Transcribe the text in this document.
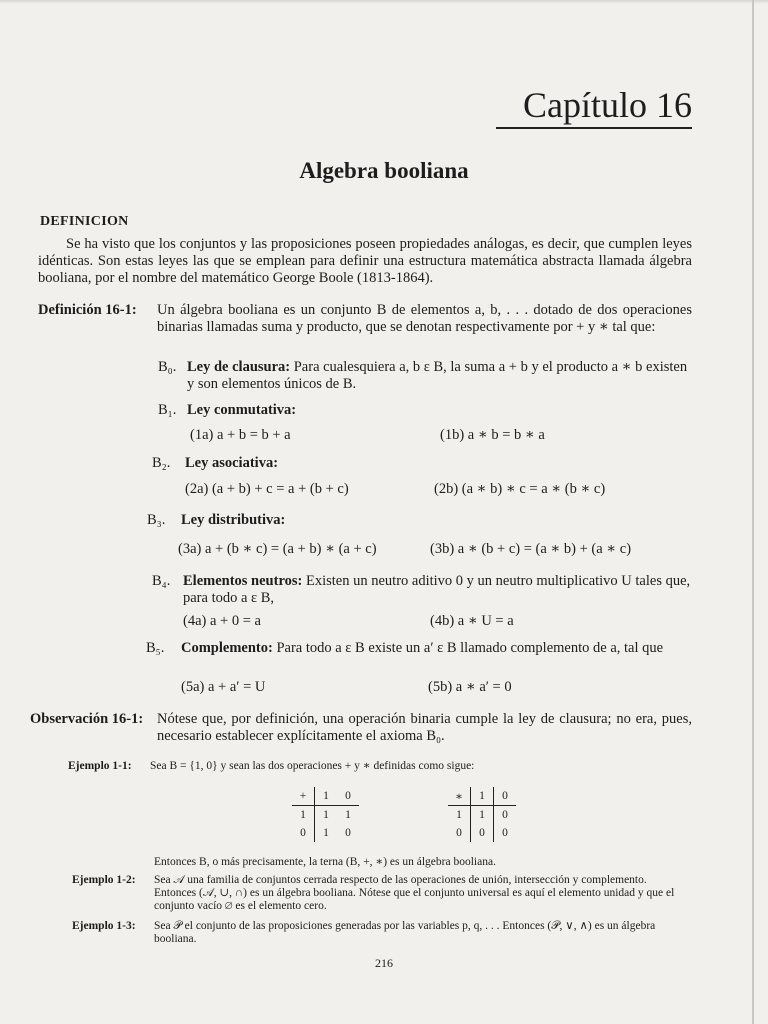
Capítulo 16
Algebra booliana
DEFINICION
Se ha visto que los conjuntos y las proposiciones poseen propiedades análogas, es decir, que cumplen leyes idénticas. Son estas leyes las que se emplean para definir una estructura matemática abstracta llamada álgebra booliana, por el nombre del matemático George Boole (1813-1864).
Definición 16-1: Un álgebra booliana es un conjunto B de elementos a, b, . . . dotado de dos operaciones binarias llamadas suma y producto, que se denotan respectivamente por + y ∗ tal que:
B₀. Ley de clausura: Para cualesquiera a, b ε B, la suma a + b y el producto a ∗ b existen y son elementos únicos de B.
B₁. Ley conmutativa:
(1a) a + b = b + a	(1b) a ∗ b = b ∗ a
B₂. Ley asociativa:
(2a) (a + b) + c = a + (b + c)	(2b) (a ∗ b) ∗ c = a ∗ (b ∗ c)
B₃. Ley distributiva:
(3a) a + (b ∗ c) = (a + b) ∗ (a + c)	(3b) a ∗ (b + c) = (a ∗ b) + (a ∗ c)
B₄. Elementos neutros: Existen un neutro aditivo 0 y un neutro multiplicativo U tales que, para todo a ε B,
(4a) a + 0 = a	(4b) a ∗ U = a
B₅. Complemento: Para todo a ε B existe un a′ ε B llamado complemento de a, tal que
(5a) a + a′ = U	(5b) a ∗ a′ = 0
Observación 16-1: Nótese que, por definición, una operación binaria cumple la ley de clausura; no era, pues, necesario establecer explícitamente el axioma B₀.
Ejemplo 1-1: Sea B = {1, 0} y sean las dos operaciones + y ∗ definidas como sigue:
+	1	0
1	1	1
0	1	0
∗	1	0
1	1	0
0	0	0
Entonces B, o más precisamente, la terna (B, +, ∗) es un álgebra booliana.
Ejemplo 1-2: Sea 𝒜 una familia de conjuntos cerrada respecto de las operaciones de unión, intersección y complemento. Entonces (𝒜, ∪, ∩) es un álgebra booliana. Nótese que el conjunto universal es aquí el elemento unidad y que el conjunto vacío ∅ es el elemento cero.
Ejemplo 1-3: Sea 𝒫 el conjunto de las proposiciones generadas por las variables p, q, . . . Entonces (𝒫, ∨, ∧) es un álgebra booliana.
216
